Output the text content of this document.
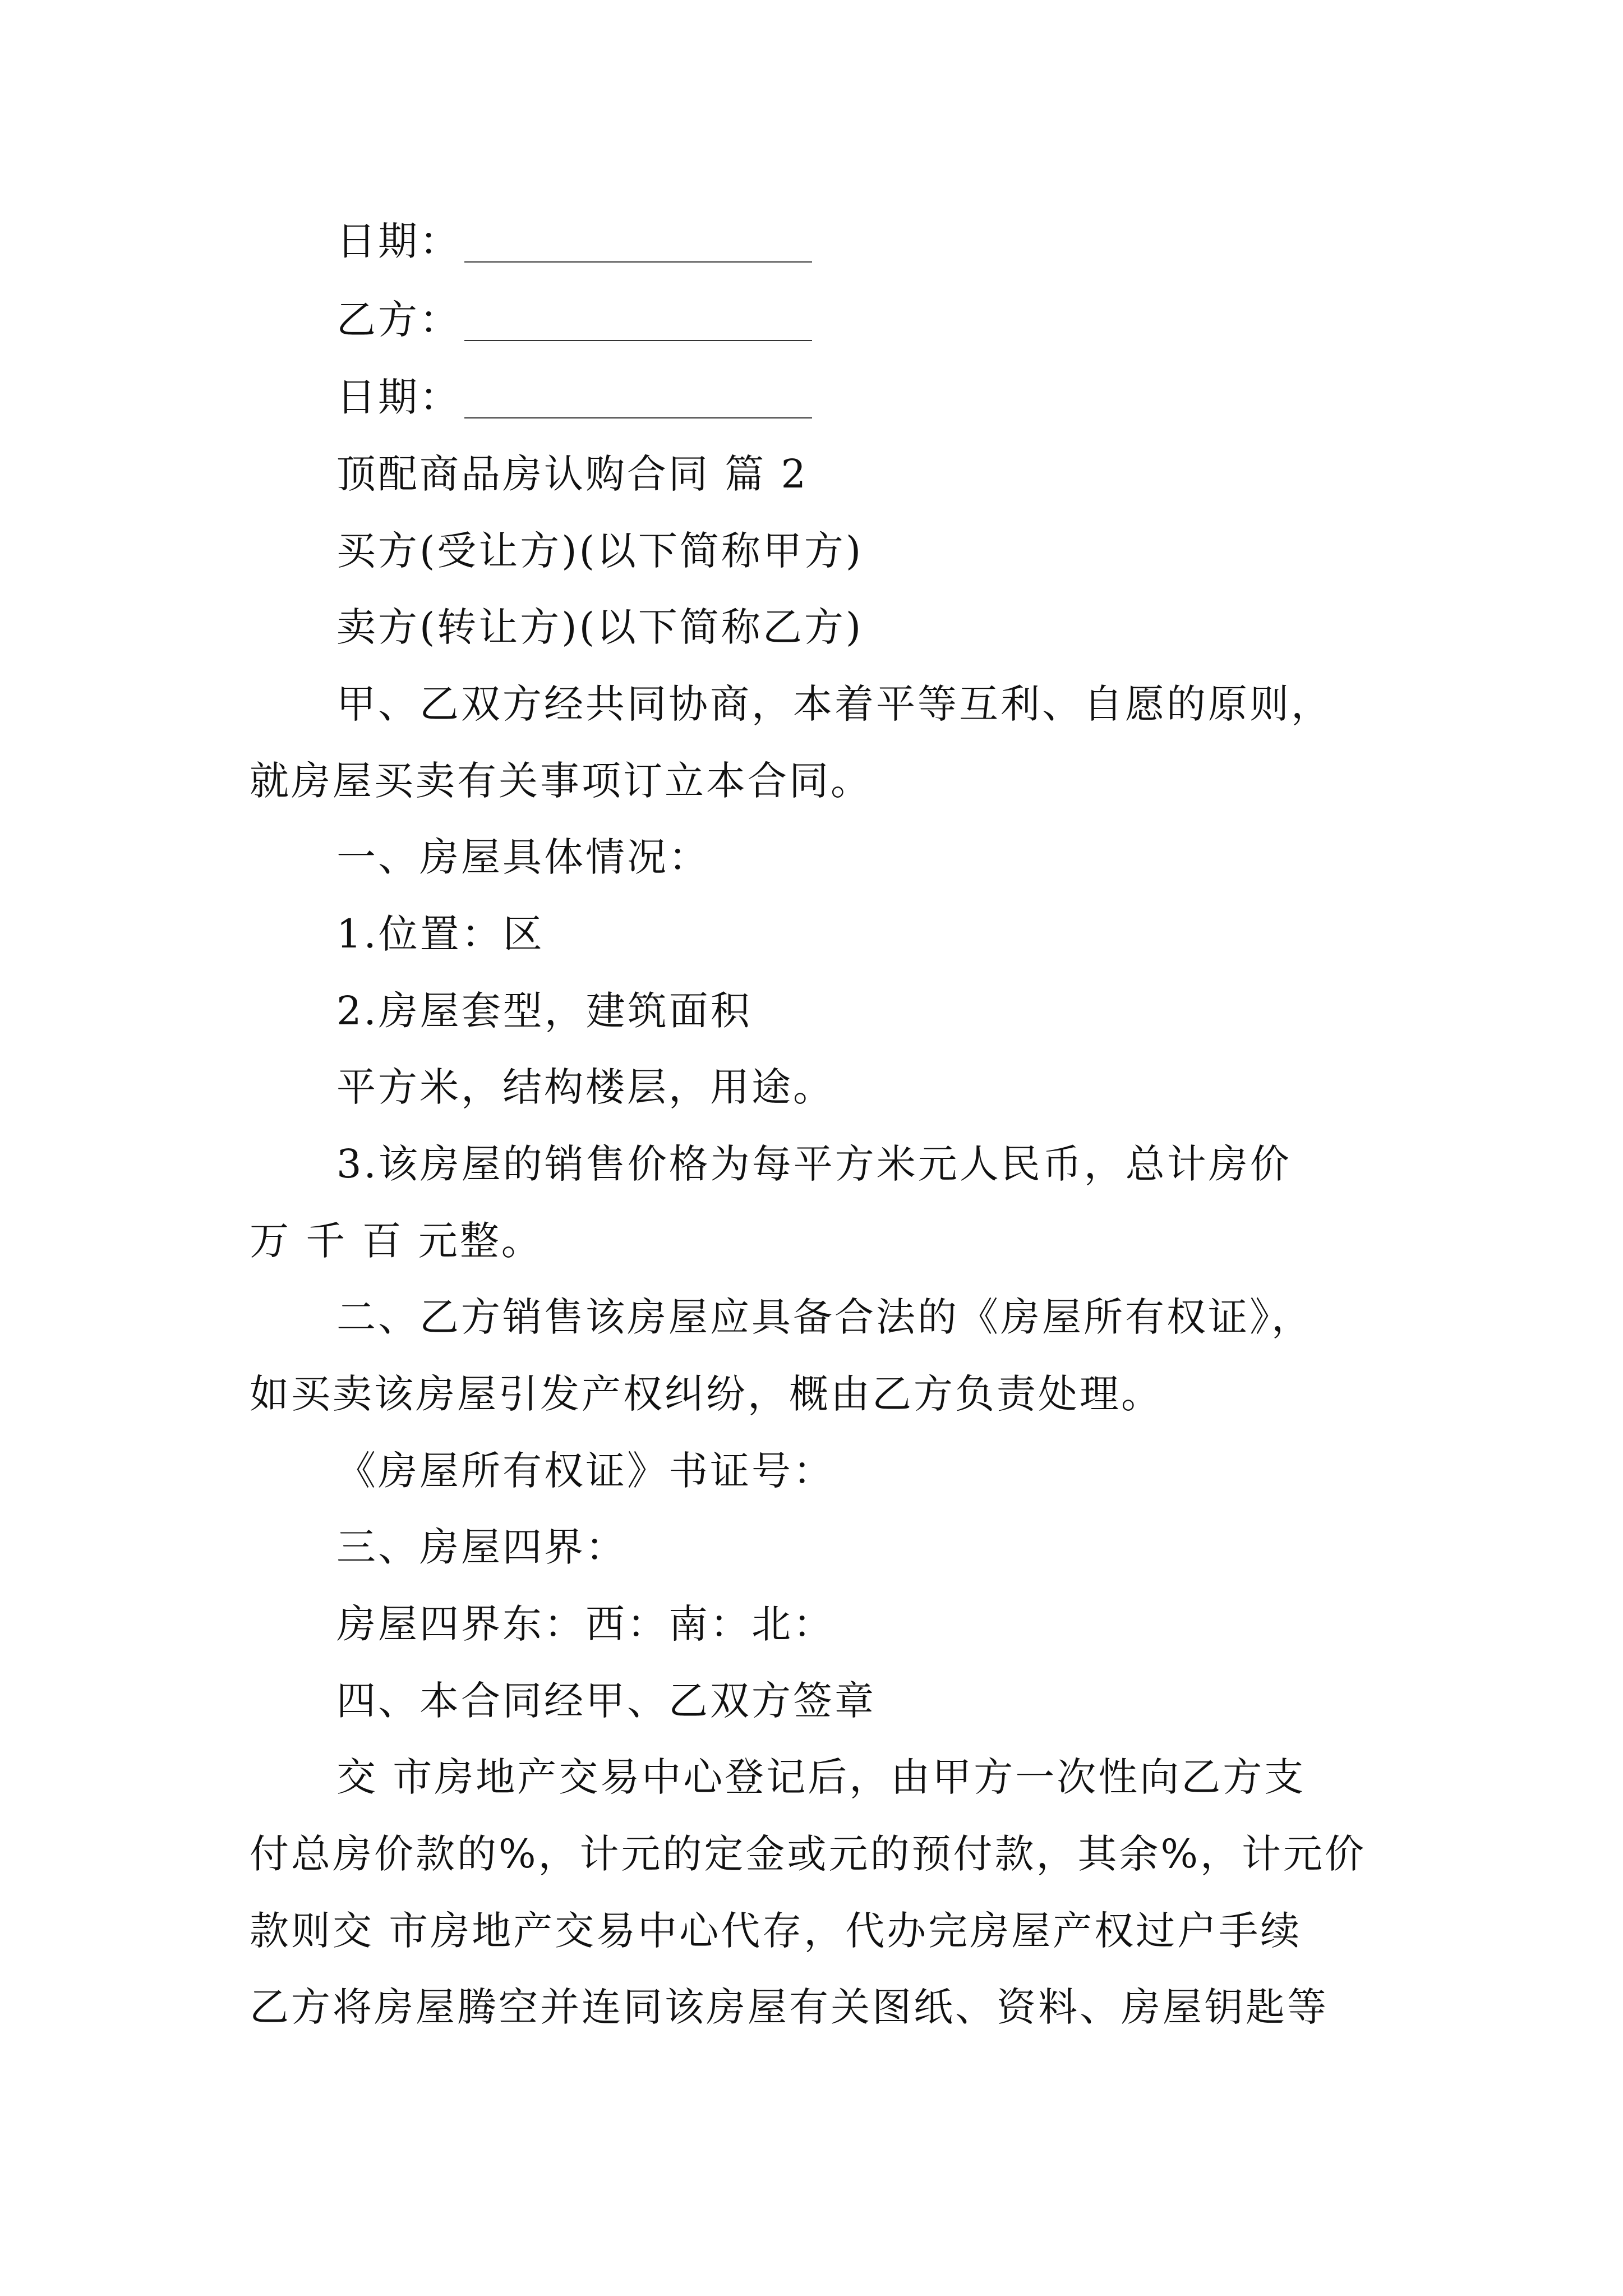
日期：
乙方：
日期：
顶配商品房认购合同 篇 2
买方(受让方)(以下简称甲方)
卖方(转让方)(以下简称乙方)
甲、乙双方经共同协商，本着平等互利、自愿的原则，
就房屋买卖有关事项订立本合同。
一、房屋具体情况：
1.位置：区
2.房屋套型，建筑面积
平方米，结构楼层，用途。
3.该房屋的销售价格为每平方米元人民币，总计房价
万 千 百 元整。
二、乙方销售该房屋应具备合法的《房屋所有权证》，
如买卖该房屋引发产权纠纷，概由乙方负责处理。
《房屋所有权证》书证号：
三、房屋四界：
房屋四界东：西：南：北：
四、本合同经甲、乙双方签章
交 市房地产交易中心登记后，由甲方一次性向乙方支
付总房价款的%，计元的定金或元的预付款，其余%，计元价
款则交 市房地产交易中心代存，代办完房屋产权过户手续
乙方将房屋腾空并连同该房屋有关图纸、资料、房屋钥匙等
